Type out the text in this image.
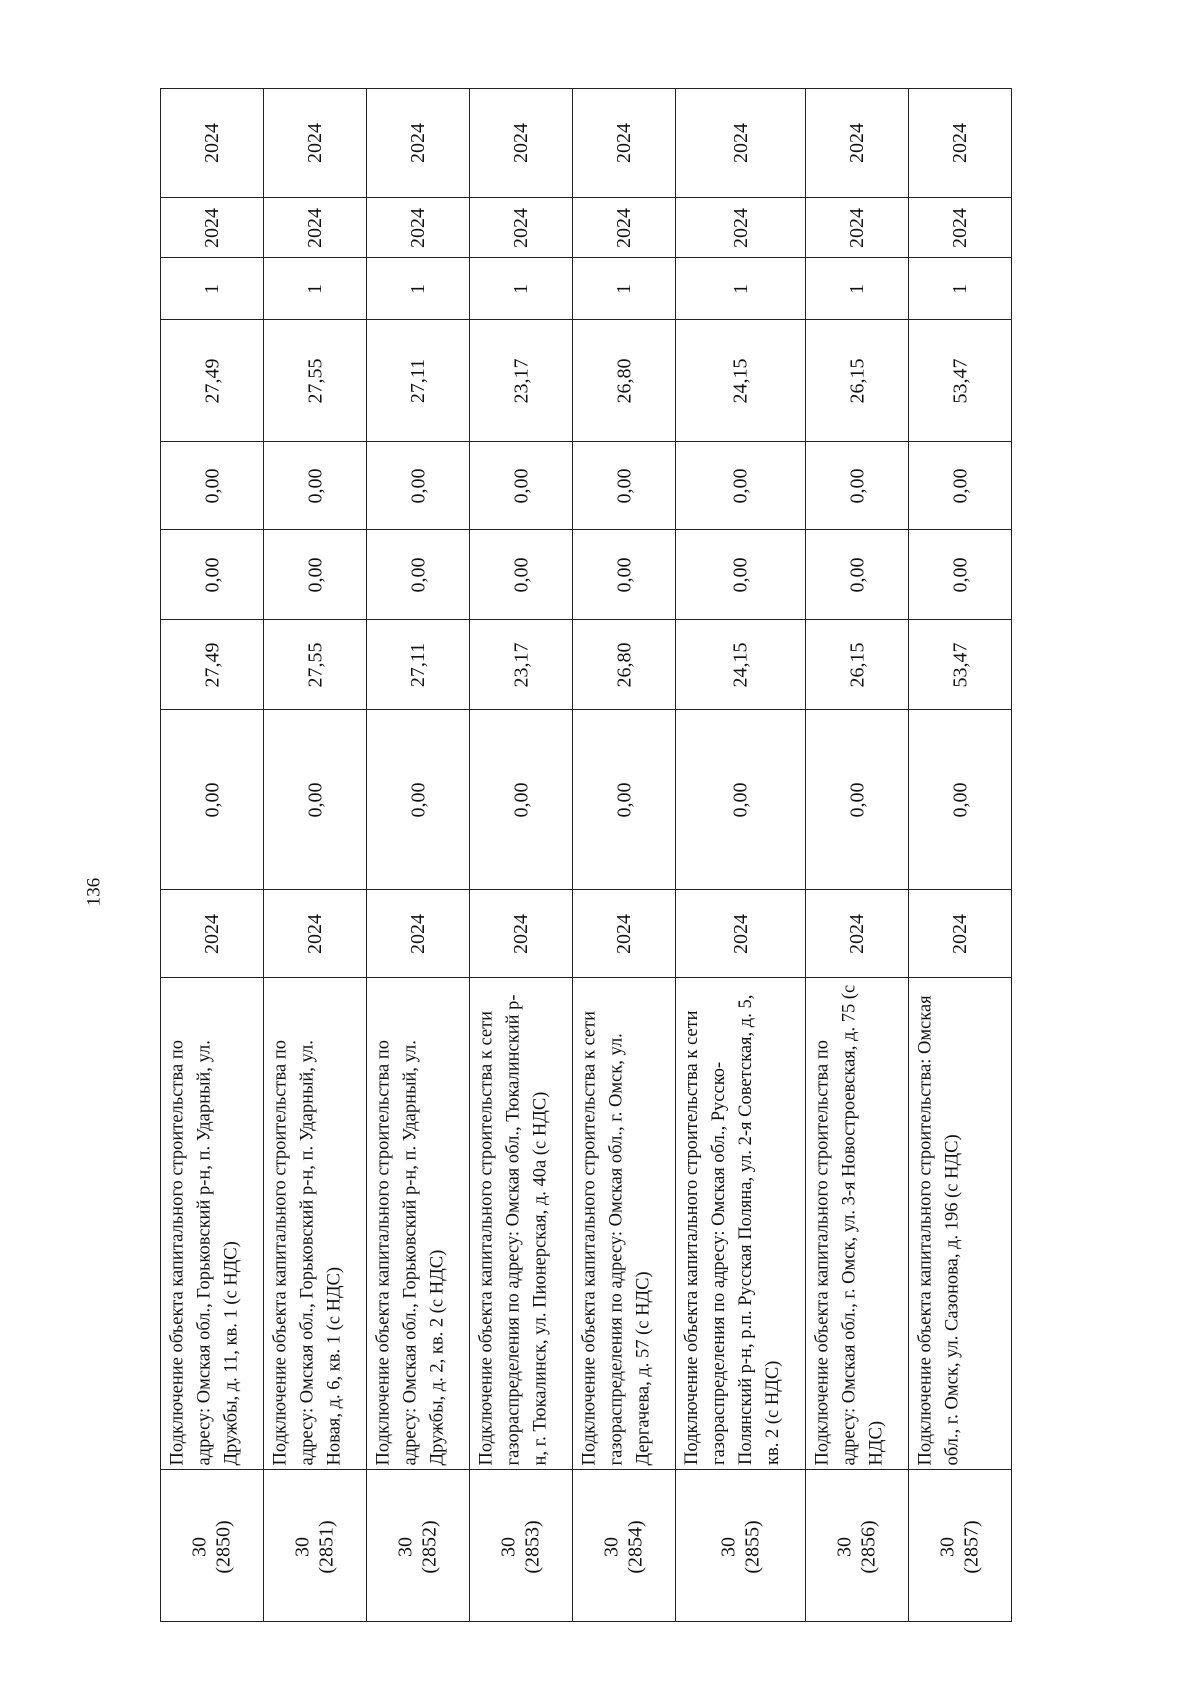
136
2024
2024
1
27,49
0,00
0,00
27,49
0,00
2024
Подключение объекта капитального строительства по адресу: Омская обл., Горьковский р-н, п. Ударный, ул. Дружбы, д. 11, кв. 1 (с НДС)
30 (2850)
2024
2024
1
27,55
0,00
0,00
27,55
0,00
2024
Подключение объекта капитального строительства по адресу: Омская обл., Горьковский р-н, п. Ударный, ул. Новая, д. 6, кв. 1 (с НДС)
30 (2851)
2024
2024
1
27,11
0,00
0,00
27,11
0,00
2024
Подключение объекта капитального строительства по адресу: Омская обл., Горьковский р-н, п. Ударный, ул. Дружбы, д. 2, кв. 2 (с НДС)
30 (2852)
2024
2024
1
23,17
0,00
0,00
23,17
0,00
2024
Подключение объекта капитального строительства к сети газораспределения по адресу: Омская обл., Тюкалинский р-н, г. Тюкалинск, ул. Пионерская, д. 40а (с НДС)
30 (2853)
2024
2024
1
26,80
0,00
0,00
26,80
0,00
2024
Подключение объекта капитального строительства к сети газораспределения по адресу: Омская обл., г. Омск, ул. Дергачева, д. 57 (с НДС)
30 (2854)
2024
2024
1
24,15
0,00
0,00
24,15
0,00
2024
Подключение объекта капитального строительства к сети газораспределения по адресу: Омская обл., Русско-Полянский р-н, р.п. Русская Поляна, ул. 2-я Советская, д. 5, кв. 2 (с НДС)
30 (2855)
2024
2024
1
26,15
0,00
0,00
26,15
0,00
2024
Подключение объекта капитального строительства по адресу: Омская обл., г. Омск, ул. 3-я Новостроевская, д. 75 (с НДС)
30 (2856)
2024
2024
1
53,47
0,00
0,00
53,47
0,00
2024
Подключение объекта капитального строительства: Омская обл., г. Омск, ул. Сазонова, д. 196 (с НДС)
30 (2857)
